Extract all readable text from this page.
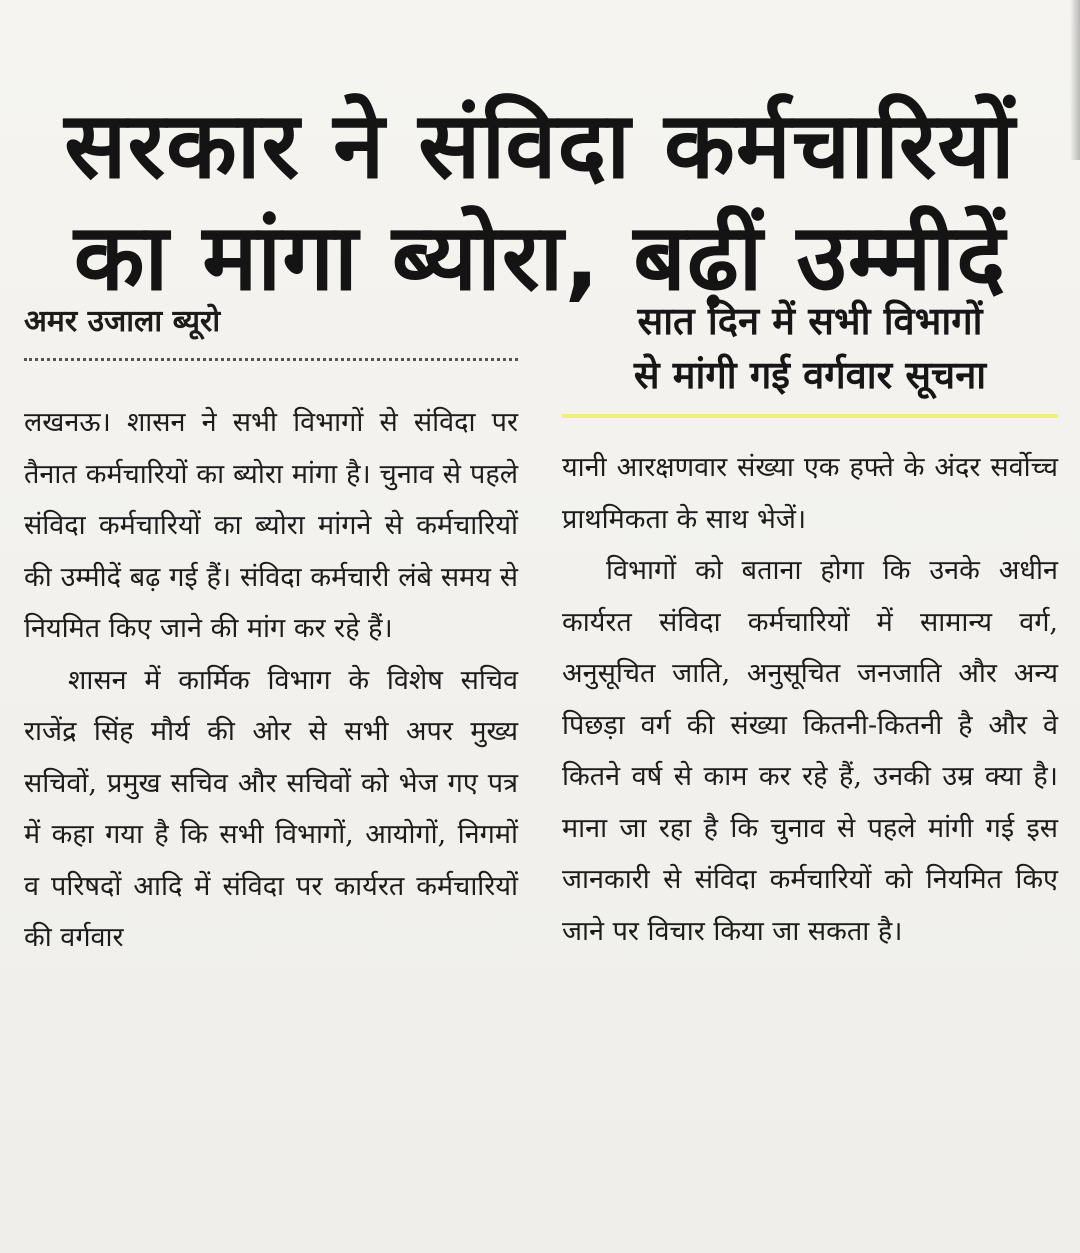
सरकार ने संविदा कर्मचारियों
का मांगा ब्योरा, बढ़ीं उम्मीदें
अमर उजाला ब्यूरो

लखनऊ। शासन ने सभी विभागों से संविदा पर तैनात कर्मचारियों का ब्योरा मांगा है। चुनाव से पहले संविदा कर्मचारियों का ब्योरा मांगने से कर्मचारियों की उम्मीदें बढ़ गई हैं। संविदा कर्मचारी लंबे समय से नियमित किए जाने की मांग कर रहे हैं।

शासन में कार्मिक विभाग के विशेष सचिव राजेंद्र सिंह मौर्य की ओर से सभी अपर मुख्य सचिवों, प्रमुख सचिव और सचिवों को भेज गए पत्र में कहा गया है कि सभी विभागों, आयोगों, निगमों व परिषदों आदि में संविदा पर कार्यरत कर्मचारियों की वर्गवार

सात दिन में सभी विभागों
से मांगी गई वर्गवार सूचना

यानी आरक्षणवार संख्या एक हफ्ते के अंदर सर्वोच्च प्राथमिकता के साथ भेजें।

विभागों को बताना होगा कि उनके अधीन कार्यरत संविदा कर्मचारियों में सामान्य वर्ग, अनुसूचित जाति, अनुसूचित जनजाति और अन्य पिछड़ा वर्ग की संख्या कितनी-कितनी है और वे कितने वर्ष से काम कर रहे हैं, उनकी उम्र क्या है। माना जा रहा है कि चुनाव से पहले मांगी गई इस जानकारी से संविदा कर्मचारियों को नियमित किए जाने पर विचार किया जा सकता है।
